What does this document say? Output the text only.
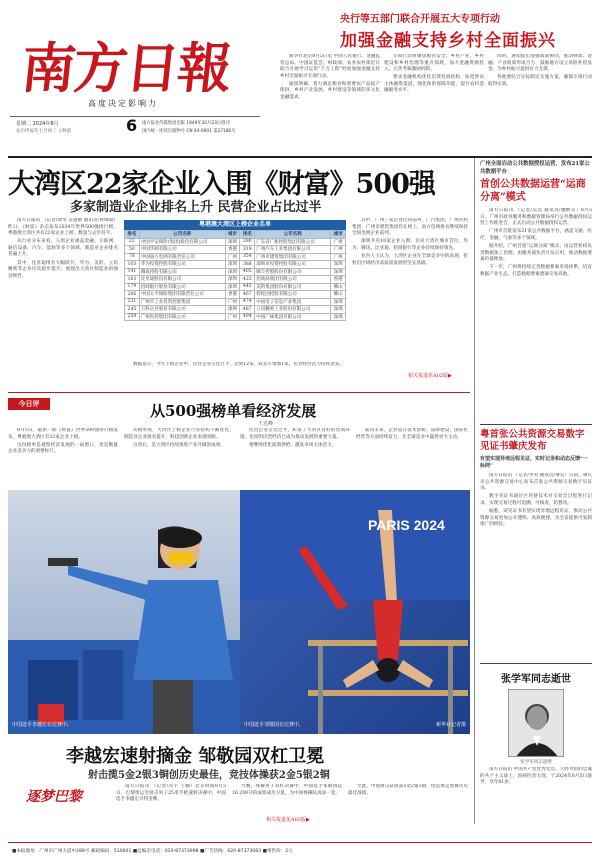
南方日報
高度决定影响力
星期二 2024年8月	6
农历甲辰年七月初三 立秋前
南方报业传媒集团出版 1949年10月23日创刊
国内统一连续出版物号 CN 44-0001 第27180号
央行等五部门联合开展五大专项行动
加强金融支持乡村全面振兴

新华社北京8月5日电 中国人民银行、金融监管总局、中国证监会、财政部、农业农村部近日联合开展学习运用“千万工程”经验加强金融支持乡村全面振兴专项行动。

通知明确，着力满足粮食和重要农产品稳产保供、乡村产业发展、乡村建设等领域的多元化金融需求。

专项行动将聚焦粮食安全、乡村产业、乡村建设和乡村治理等重点领域，加大金融资源投入，完善考核激励机制。

要求金融机构优化信贷投放结构，拓宽涉农主体融资渠道，强化保险保障功能，提升农村金融服务水平。

同时，通知提出加强政策协同，推动财政、金融、产业政策形成合力，鼓励地方设立风险补偿基金，为乡村振兴提供有力支撑。

各地要结合实际制定实施方案，确保专项行动取得实效。

大湾区22家企业入围《财富》500强
多家制造业企业排名上升 民营企业占比过半

南方日报讯 （记者/刘华 吴道励 通讯员/黄咏斌）昨日，《财富》杂志发布2024年世界500强排行榜，粤港澳大湾区共有22家企业上榜，数量与去年持平。

从行业分布来看，入围企业涵盖金融、互联网、通信设备、汽车、能源等多个领域，制造业企业排名普遍上升。

其中，比亚迪排名大幅跃升，华为、美的、立讯精密等企业位次稳步提升，展现出大湾区制造业的强劲韧性。

粤港澳大湾区上榜企业名单
排名	公司名称	城市	排名	公司名称	城市
22	中国平安保险(集团)股份有限公司	深圳	280	广东省广新控股集团有限公司	广州
50	中国华润有限公司	香港	319	广州汽车工业集团有限公司	广州
78	中国南方电网有限责任公司	广州	354	广州市建筑集团有限公司	广州
103	华为投资控股有限公司	深圳	388	深圳市投资控股有限公司	深圳
141	腾讯控股有限公司	深圳	405	顺丰控股股份有限公司	深圳
163	比亚迪股份有限公司	深圳	423	招商局集团有限公司	香港
179	招商银行股份有限公司	深圳	445	美的集团股份有限公司	佛山
206	中国太平保险集团有限责任公司	香港	467	碧桂园控股有限公司	佛山
231	广州市工业投资控股集团	广州	474	中国电子信息产业集团	深圳
245	万科企业股份有限公司	深圳	487	立讯精密工业股份有限公司	深圳
259	广州医药集团有限公司	广州	494	中国广核集团有限公司	深圳

数据显示，今年上榜企业中，民营企业占比过半，达到12家，较去年增加1家，民营经济活力持续迸发。

其中，广州三家企业位居前列，广汽集团、广州医药集团、广州市建筑集团均在榜上，南方电网排名继续保持全国电网企业前列。

深圳共有10家企业入围，位居大湾区城市首位，华为、腾讯、比亚迪、招商银行等企业持续保持领先。

业内人士认为，大湾区企业在全球竞争中的表现，折射出区域经济高质量发展的坚实基础。

相关报道见A02版▶
今日评	从500强榜单看经济发展
王达峰

8月5日，最新一期《财富》世界500强排行榜发布，粤港澳大湾区有22家企业上榜。

这份榜单是观察经济发展的一扇窗口，也是衡量企业竞争力的重要标尺。

从榜单看，大湾区上榜企业行业结构不断优化，制造业企业排名提升，科技创新企业表现亮眼。

这背后，是大湾区持续推进产业升级的成果。

民营企业占比过半，彰显了大湾区良好的营商环境，也说明民营经济已成为推动发展的重要力量。

要继续优化政策供给，激发市场主体活力。

面向未来，企业需在技术创新、品牌建设、国际化经营等方面持续发力，在全球竞争中赢得更大主动。

PARIS 2024
中国选手李越宏在比赛中。	中国选手邹敬园在比赛中。	新华社记者摄
李越宏速射摘金 邹敬园双杠卫冕
射击揽5金2银3铜创历史最佳，竞技体操获2金5银2铜
逐梦巴黎

南方日报讯 （记者/冯宇 王楠）北京时间8月5日，巴黎奥运会射击男子25米手枪速射决赛中，中国选手李越宏夺得金牌。

当晚，体操男子双杠决赛中，中国选手邹敬园以16.200分的成绩成功卫冕，为中国体操队再添一金。

至此，中国射击队收获5金2银3铜，创造奥运参赛历史最佳战绩。

相关报道见A03版▶
广州全面启动公共数据授权运营，发布21家公共数据平台
首创公共数据运营“运商分离”模式

南方日报讯 （记者/吴昊 通讯员/穗数宣）8月5日，广州市政务服务和数据管理局举行公共数据授权运营工作推进会，正式启动公共数据授权运营。

广州市首批发布21家公共数据平台，涵盖交通、医疗、金融、气象等多个领域。

据介绍，广州首创“运商分离”模式，由运营机构负责数据加工治理，由服务商负责开发应用，推动数据要素价值释放。

下一步，广州将持续完善数据要素市场体系，培育数据产业生态，打造数据要素流通交易高地。

粤首张公共资源交易数字见证书肇庆发布
有望实现异地远程见证，实时记录和动态反馈“一标网”

南方日报讯 （记者/李英 通讯员/肇宣）日前，肇庆市公共资源交易中心发布首张公共资源交易数字见证书。

数字见证书通过区块链技术对交易全过程进行记录，实现交易过程可追溯、可核查、防篡改。

据悉，该见证书有望实现异地远程见证，推动公共资源交易更加公开透明、高效便捷，为全省提供可复制推广的经验。

张学军同志逝世
张学军同志遗像

南方日报讯 中国共产党优秀党员，久经考验的忠诚的共产主义战士，因病医治无效，于2024年8月5日逝世，享年81岁。

■本报地址：广州市广州大道中289号 邮政编码：510601 ■总编室电话：020-87373998 ■广告热线：020-87373083 ■零售价：2元
